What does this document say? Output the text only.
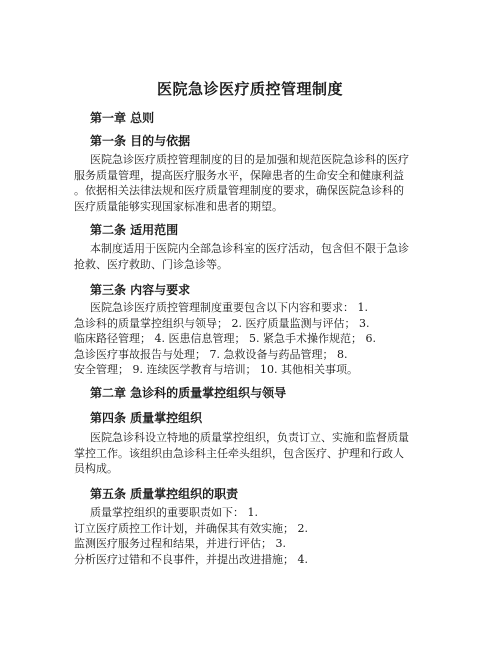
医院急诊医疗质控管理制度
第一章 总则
第一条 目的与依据
医院急诊医疗质控管理制度的目的是加强和规范医院急诊科的医疗
服务质量管理，提高医疗服务水平，保障患者的生命安全和健康利益
。依据相关法律法规和医疗质量管理制度的要求，确保医院急诊科的
医疗质量能够实现国家标准和患者的期望。
第二条 适用范围
本制度适用于医院内全部急诊科室的医疗活动，包含但不限于急诊
抢救、医疗救助、门诊急诊等。
第三条 内容与要求
医院急诊医疗质控管理制度重要包含以下内容和要求： 1.
急诊科的质量掌控组织与领导； 2. 医疗质量监测与评估； 3.
临床路径管理； 4. 医患信息管理； 5. 紧急手术操作规范； 6.
急诊医疗事故报告与处理； 7. 急救设备与药品管理； 8.
安全管理； 9. 连续医学教育与培训； 10. 其他相关事项。
第二章 急诊科的质量掌控组织与领导
第四条 质量掌控组织
医院急诊科设立特地的质量掌控组织，负责订立、实施和监督质量
掌控工作。该组织由急诊科主任牵头组织，包含医疗、护理和行政人
员构成。
第五条 质量掌控组织的职责
质量掌控组织的重要职责如下： 1.
订立医疗质控工作计划，并确保其有效实施； 2.
监测医疗服务过程和结果，并进行评估； 3.
分析医疗过错和不良事件，并提出改进措施； 4.
